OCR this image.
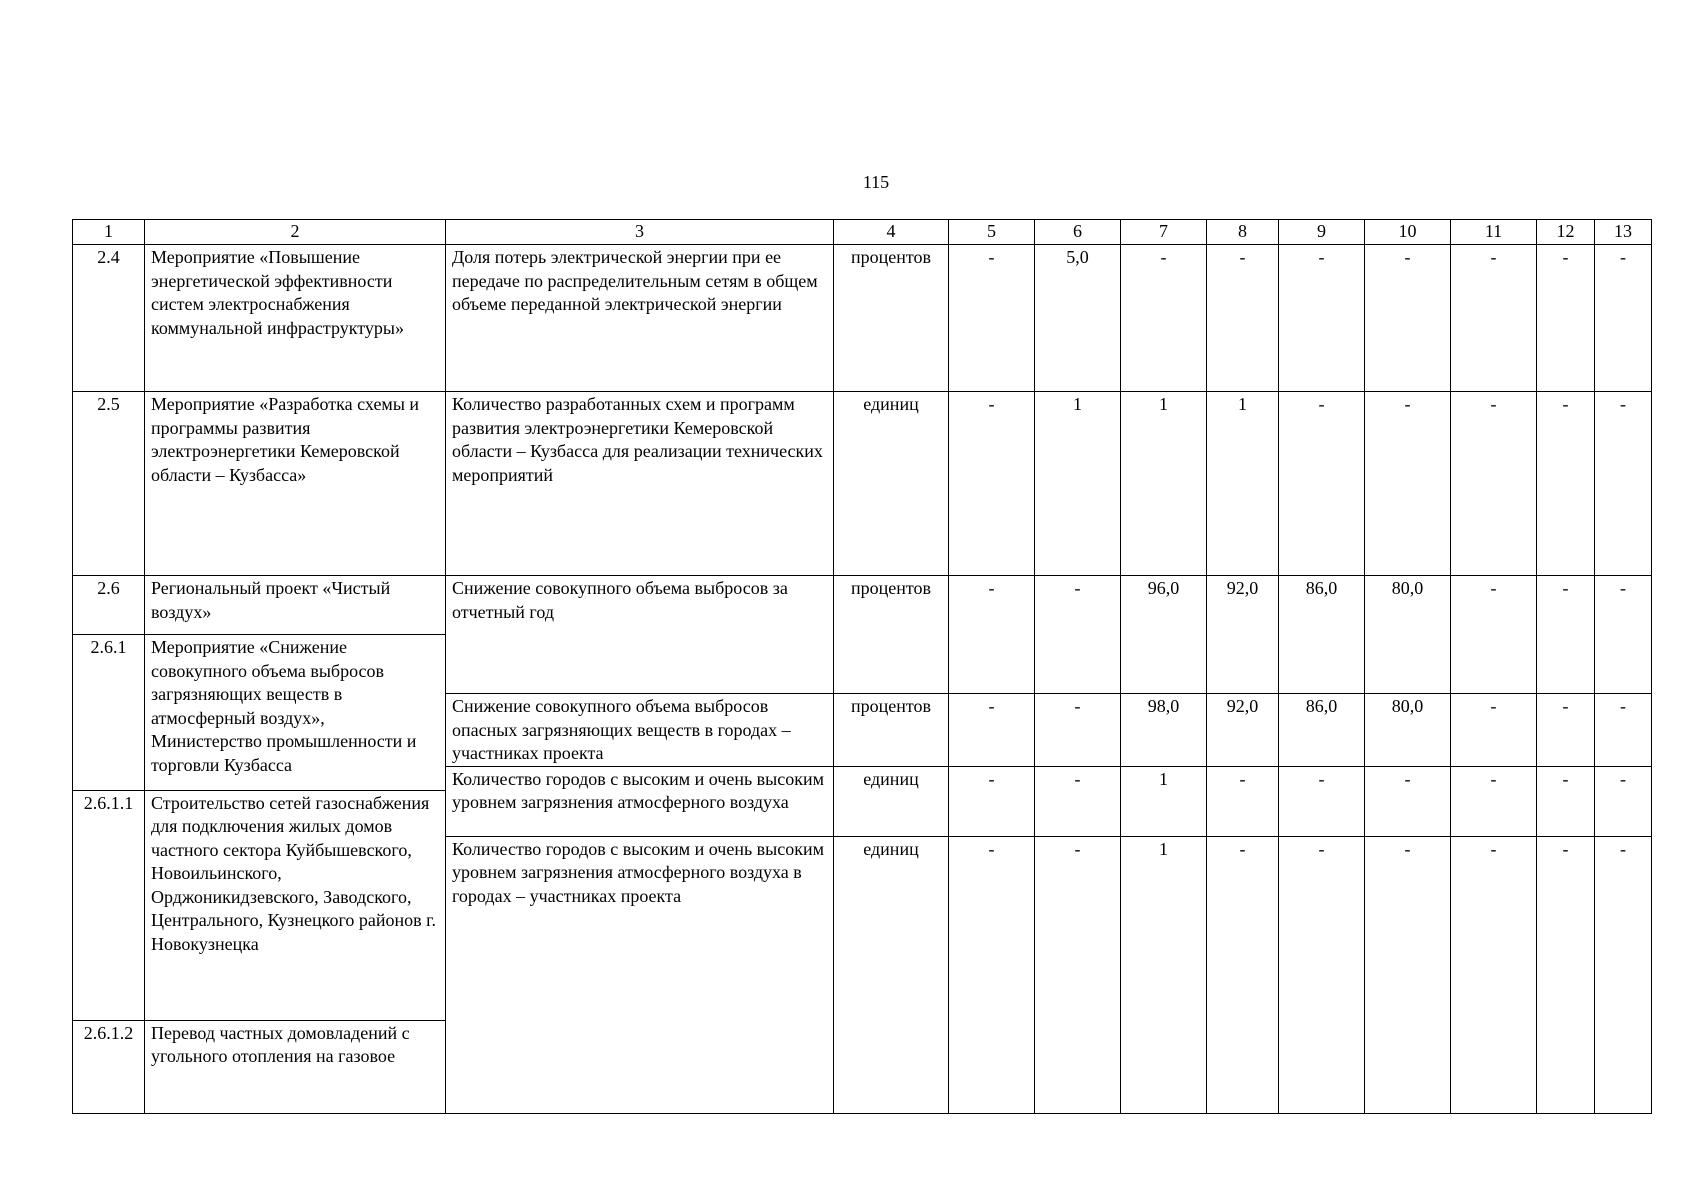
115
1	2	3	4	5	6	7	8	9	10	11	12	13
2.4	Мероприятие «Повышение энергетической эффективности систем электроснабжения коммунальной инфраструктуры»	Доля потерь электрической энергии при ее передаче по распределительным сетям в общем объеме переданной электрической энергии	процентов	-	5,0	-	-	-	-	-	-	-
2.5	Мероприятие «Разработка схемы и программы развития электроэнергетики Кемеровской области – Кузбасса»	Количество разработанных схем и программ развития электроэнергетики Кемеровской области – Кузбасса для реализации технических мероприятий	единиц	-	1	1	1	-	-	-	-	-
2.6	Региональный проект «Чистый воздух»	Снижение совокупного объема выбросов за отчетный год	процентов	-	-	96,0	92,0	86,0	80,0	-	-	-
2.6.1	Мероприятие «Снижение совокупного объема выбросов загрязняющих веществ в атмосферный воздух», Министерство промышленности и торговли Кузбасса											
		Снижение совокупного объема выбросов опасных загрязняющих веществ в городах – участниках проекта	процентов	-	-	98,0	92,0	86,0	80,0	-	-	-
		Количество городов с высоким и очень высоким уровнем загрязнения атмосферного воздуха	единиц	-	-	1	-	-	-	-	-	-
2.6.1.1	Строительство сетей газоснабжения для подключения жилых домов частного сектора Куйбышевского, Новоильинского, Орджоникидзевского, Заводского, Центрального, Кузнецкого районов г. Новокузнецка											
		Количество городов с высоким и очень высоким уровнем загрязнения атмосферного воздуха в городах – участниках проекта	единиц	-	-	1	-	-	-	-	-	-
2.6.1.2	Перевод частных домовладений с угольного отопления на газовое											
